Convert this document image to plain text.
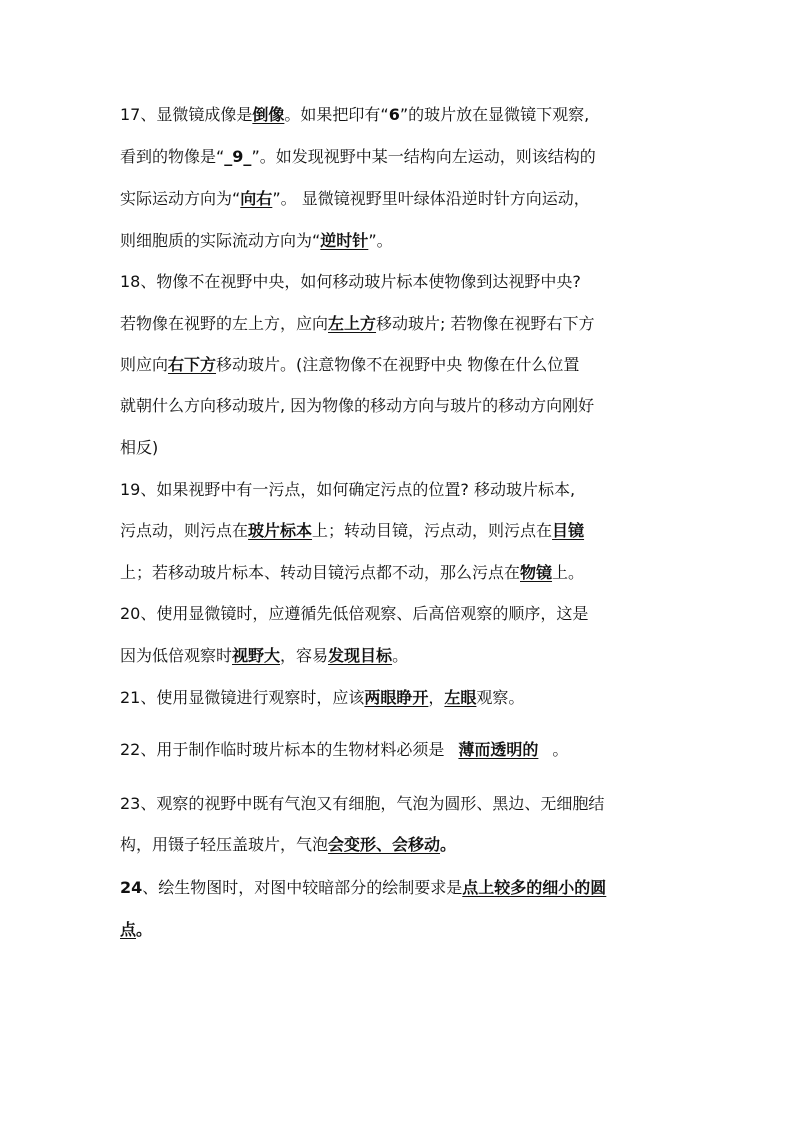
17、显微镜成像是倒像。如果把印有“6”的玻片放在显微镜下观察,
看到的物像是“_9_”。如发现视野中某一结构向左运动，则该结构的
实际运动方向为“向右”。 显微镜视野里叶绿体沿逆时针方向运动，
则细胞质的实际流动方向为“逆时针”。
18、物像不在视野中央，如何移动玻片标本使物像到达视野中央?
若物像在视野的左上方，应向左上方移动玻片; 若物像在视野右下方
则应向右下方移动玻片。(注意物像不在视野中央 物像在什么位置
就朝什么方向移动玻片, 因为物像的移动方向与玻片的移动方向刚好
相反)
19、如果视野中有一污点，如何确定污点的位置? 移动玻片标本,
污点动，则污点在玻片标本上；转动目镜，污点动，则污点在目镜
上；若移动玻片标本、转动目镜污点都不动，那么污点在物镜上。
20、使用显微镜时，应遵循先低倍观察、后高倍观察的顺序，这是
因为低倍观察时视野大，容易发现目标。
21、使用显微镜进行观察时，应该两眼睁开，左眼观察。
22、用于制作临时玻片标本的生物材料必须是 薄而透明的 。
23、观察的视野中既有气泡又有细胞，气泡为圆形、黑边、无细胞结
构，用镊子轻压盖玻片，气泡会变形、会移动。
24、绘生物图时，对图中较暗部分的绘制要求是点上较多的细小的圆
点。
